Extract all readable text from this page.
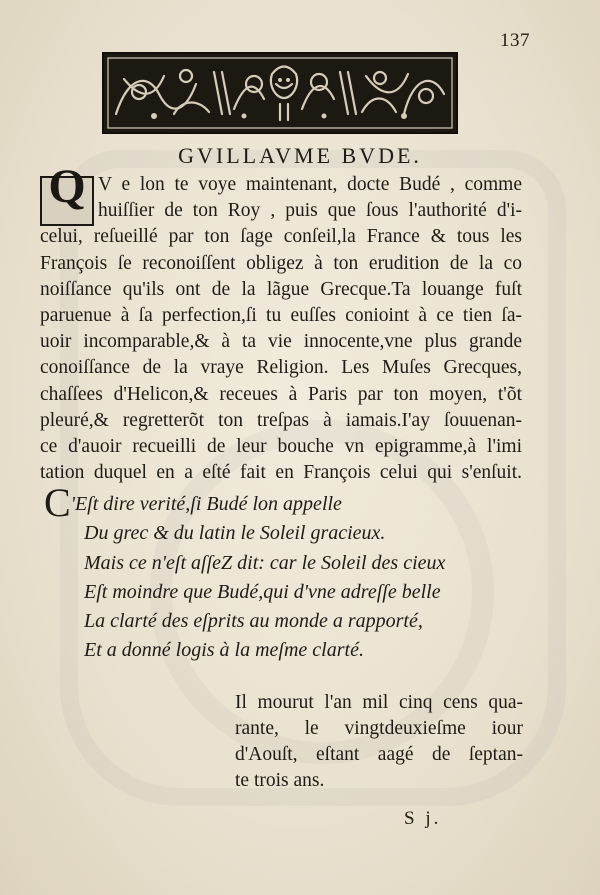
137
GVILLAVME BVDE.
Q V e lon te voye maintenant, docte Budé , comme
huiſſier de ton Roy , puis que ſous l'authorité d'i-
celui, reſueillé par ton ſage conſeil,la France & tous les
François ſe reconoiſſent obligez à ton erudition de la co
noiſſance qu'ils ont de la lãgue Grecque.Ta louange fuſt
paruenue à ſa perfection,ſi tu euſſes conioint à ce tien ſa-
uoir incomparable,& à ta vie innocente,vne plus grande
conoiſſance de la vraye Religion. Les Muſes Grecques,
chaſſees d'Helicon,& receues à Paris par ton moyen, t'õt
pleuré,& regretterõt ton treſpas à iamais.I'ay ſouuenan-
ce d'auoir recueilli de leur bouche vn epigramme,à l'imi
tation duquel en a eſté fait en François celui qui s'enſuit.
C'Eſt dire verité,ſi Budé lon appelle
Du grec & du latin le Soleil gracieux.
Mais ce n'eſt aſſeZ dit: car le Soleil des cieux
Eſt moindre que Budé,qui d'vne adreſſe belle
La clarté des eſprits au monde a rapporté,
Et a donné logis à la meſme clarté.
Il mourut l'an mil cinq cens qua-
rante, le vingtdeuxieſme iour
d'Aouſt, eſtant aagé de ſeptan-
te trois ans.
S j.
